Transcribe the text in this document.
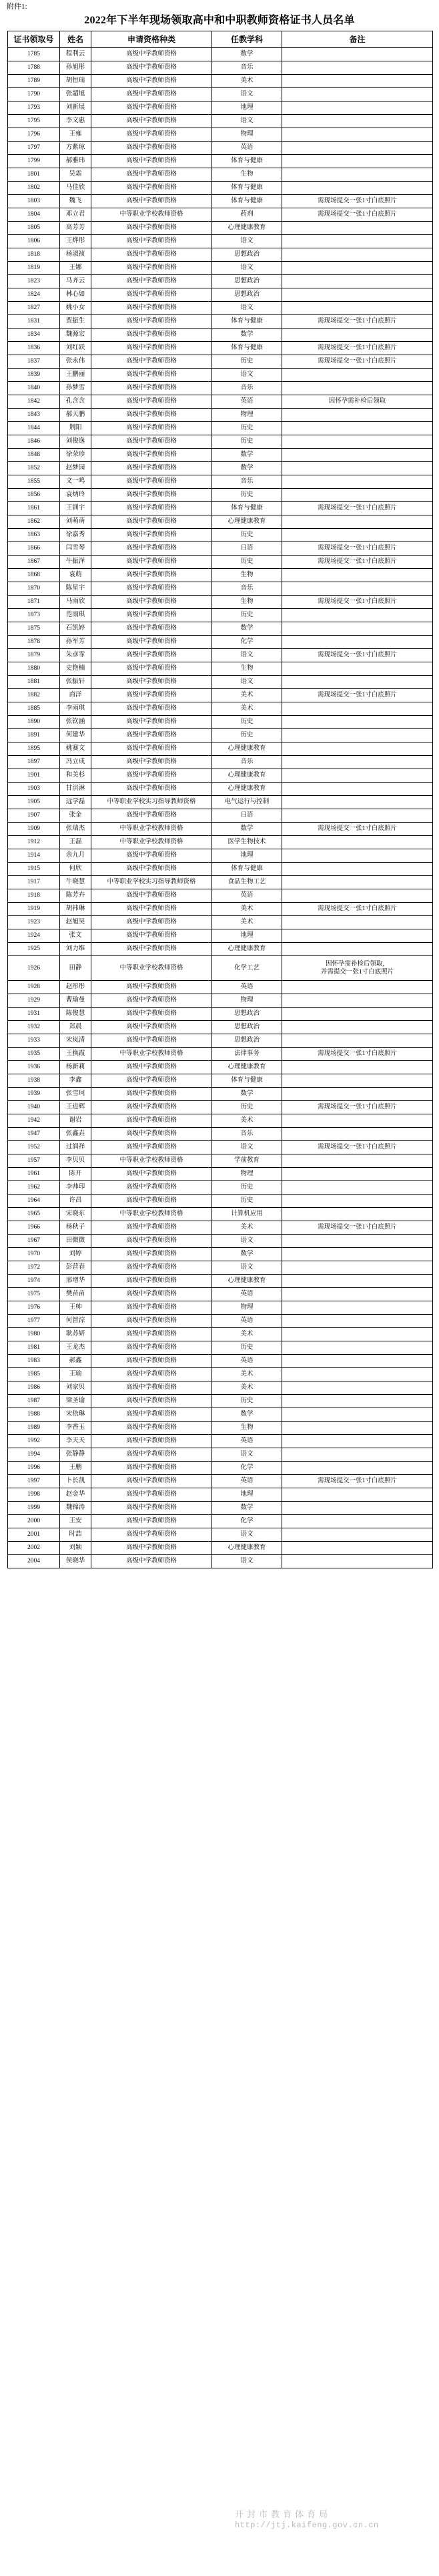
附件1:
2022年下半年现场领取高中和中职教师资格证书人员名单
证书领取号	姓名	申请资格种类	任教学科	备注
1785	程利云	高级中学教师资格	数学	
1788	孙旭彤	高级中学教师资格	音乐	
1789	胡恒瑞	高级中学教师资格	美术	
1790	张超旭	高级中学教师资格	语文	
1793	刘新展	高级中学教师资格	地理	
1795	李文惠	高级中学教师资格	语文	
1796	王雍	高级中学教师资格	物理	
1797	方紫琼	高级中学教师资格	英语	
1799	郝雅玮	高级中学教师资格	体育与健康	
1801	吴霜	高级中学教师资格	生物	
1802	马佳欣	高级中学教师资格	体育与健康	
1803	魏飞	高级中学教师资格	体育与健康	需现场提交一张1寸白底照片
1804	邓立君	中等职业学校教师资格	药剂	需现场提交一张1寸白底照片
1805	高芳芳	高级中学教师资格	心理健康教育	
1806	王烨彤	高级中学教师资格	语文	
1818	杨淑祯	高级中学教师资格	思想政治	
1819	王娜	高级中学教师资格	语文	
1823	马齐云	高级中学教师资格	思想政治	
1824	林心如	高级中学教师资格	思想政治	
1827	姚小女	高级中学教师资格	语文	
1831	贾振生	高级中学教师资格	体育与健康	需现场提交一张1寸白底照片
1834	魏源宏	高级中学教师资格	数学	
1836	刘红跃	高级中学教师资格	体育与健康	需现场提交一张1寸白底照片
1837	张永伟	高级中学教师资格	历史	需现场提交一张1寸白底照片
1839	王鹏丽	高级中学教师资格	语文	
1840	孙梦雪	高级中学教师资格	音乐	
1842	孔含含	高级中学教师资格	英语	因怀孕需补检后领取
1843	郝天鹏	高级中学教师资格	物理	
1844	荆阳	高级中学教师资格	历史	
1846	刘俊逸	高级中学教师资格	历史	
1848	徐荣珍	高级中学教师资格	数学	
1852	赵梦园	高级中学教师资格	数学	
1855	文一鸣	高级中学教师资格	音乐	
1856	袁炳玲	高级中学教师资格	历史	
1861	王钏宇	高级中学教师资格	体育与健康	需现场提交一张1寸白底照片
1862	刘萌萌	高级中学教师资格	心理健康教育	
1863	徐嘉秀	高级中学教师资格	历史	
1866	闫雪琴	高级中学教师资格	日语	需现场提交一张1寸白底照片
1867	牛振泽	高级中学教师资格	历史	需现场提交一张1寸白底照片
1868	袁萌	高级中学教师资格	生物	
1870	陈星宇	高级中学教师资格	音乐	
1871	马雨欣	高级中学教师资格	生物	需现场提交一张1寸白底照片
1873	范雨琪	高级中学教师资格	历史	
1875	石凯婷	高级中学教师资格	数学	
1878	孙军芳	高级中学教师资格	化学	
1879	朱彦霏	高级中学教师资格	语文	需现场提交一张1寸白底照片
1880	史艳楠	高级中学教师资格	生物	
1881	张振轩	高级中学教师资格	语文	
1882	商洋	高级中学教师资格	美术	需现场提交一张1寸白底照片
1885	李雨琪	高级中学教师资格	美术	
1890	张钦涵	高级中学教师资格	历史	
1891	何建华	高级中学教师资格	历史	
1895	姚赛文	高级中学教师资格	心理健康教育	
1897	冯立成	高级中学教师资格	音乐	
1901	和美杉	高级中学教师资格	心理健康教育	
1903	甘洪淋	高级中学教师资格	心理健康教育	
1905	远学磊	中等职业学校实习指导教师资格	电气运行与控制	
1907	张金	高级中学教师资格	日语	
1909	张瑞杰	中等职业学校教师资格	数学	需现场提交一张1寸白底照片
1912	王磊	中等职业学校教师资格	医学生物技术	
1914	余九月	高级中学教师资格	地理	
1915	何欣	高级中学教师资格	体育与健康	
1917	牛晓慧	中等职业学校实习指导教师资格	食品生物工艺	
1918	陈芳卉	高级中学教师资格	英语	
1919	胡祎琳	高级中学教师资格	美术	需现场提交一张1寸白底照片
1923	赵旭昊	高级中学教师资格	美术	
1924	张文	高级中学教师资格	地理	
1925	刘力维	高级中学教师资格	心理健康教育	
1926	田静	中等职业学校教师资格	化学工艺	因怀孕需补检后领取，
并需提交一张1寸白底照片

1928	赵彤彤	高级中学教师资格	英语	
1929	曹瑜曼	高级中学教师资格	物理	
1931	陈俊慧	高级中学教师资格	思想政治	
1932	郑晨	高级中学教师资格	思想政治	
1933	宋岚清	高级中学教师资格	思想政治	
1935	王换霞	中等职业学校教师资格	法律事务	需现场提交一张1寸白底照片
1936	杨新莉	高级中学教师资格	心理健康教育	
1938	李鑫	高级中学教师资格	体育与健康	
1939	张雪珂	高级中学教师资格	数学	
1940	王进辉	高级中学教师资格	历史	需现场提交一张1寸白底照片
1942	谢岩	高级中学教师资格	美术	
1947	张鑫垚	高级中学教师资格	音乐	
1952	过润祥	高级中学教师资格	语文	需现场提交一张1寸白底照片
1957	李贝贝	中等职业学校教师资格	学前教育	
1961	陈开	高级中学教师资格	物理	
1962	李帅印	高级中学教师资格	历史	
1964	许昌	高级中学教师资格	历史	
1965	宋晓东	中等职业学校教师资格	计算机应用	
1966	杨秋子	高级中学教师资格	美术	需现场提交一张1寸白底照片
1967	田微微	高级中学教师资格	语文	
1970	刘婷	高级中学教师资格	数学	
1972	彭营春	高级中学教师资格	语文	
1974	邢增华	高级中学教师资格	心理健康教育	
1975	樊苗苗	高级中学教师资格	英语	
1976	王帅	高级中学教师资格	物理	
1977	何智淙	高级中学教师资格	英语	
1980	耿苏妍	高级中学教师资格	美术	
1981	王龙杰	高级中学教师资格	历史	
1983	郝鑫	高级中学教师资格	英语	
1985	王瑜	高级中学教师资格	美术	
1986	刘家贝	高级中学教师资格	美术	
1987	梁圣谕	高级中学教师资格	历史	
1988	宋依琳	高级中学教师资格	数学	
1989	李香玉	高级中学教师资格	生物	
1992	李天天	高级中学教师资格	英语	
1994	张静静	高级中学教师资格	语文	
1996	王鹏	高级中学教师资格	化学	
1997	卜长凯	高级中学教师资格	英语	需现场提交一张1寸白底照片
1998	赵金华	高级中学教师资格	地理	
1999	魏锦涛	高级中学教师资格	数学	
2000	王安	高级中学教师资格	化学	
2001	时喆	高级中学教师资格	语文	
2002	刘颖	高级中学教师资格	心理健康教育	
2004	侯晓华	高级中学教师资格	语文	
开封市教育体育局
http://jtj.kaifeng.gov.cn.cn
